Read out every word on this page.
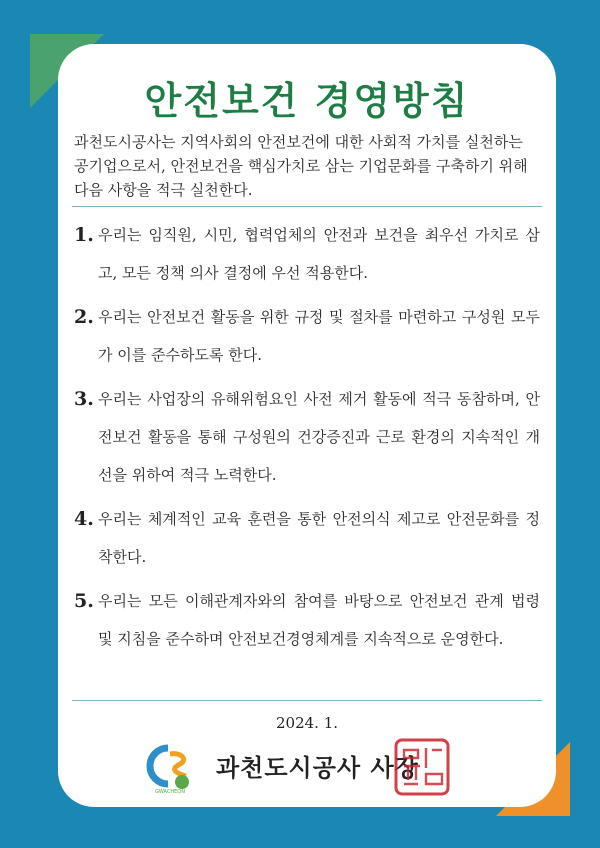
안전보건 경영방침
과천도시공사는 지역사회의 안전보건에 대한 사회적 가치를 실천하는 공기업으로서, 안전보건을 핵심가치로 삼는 기업문화를 구축하기 위해 다음 사항을 적극 실천한다.
1. 우리는 임직원, 시민, 협력업체의 안전과 보건을 최우선 가치로 삼고, 모든 정책 의사 결정에 우선 적용한다.
2. 우리는 안전보건 활동을 위한 규정 및 절차를 마련하고 구성원 모두가 이를 준수하도록 한다.
3. 우리는 사업장의 유해위험요인 사전 제거 활동에 적극 동참하며, 안전보건 활동을 통해 구성원의 건강증진과 근로 환경의 지속적인 개선을 위하여 적극 노력한다.
4. 우리는 체계적인 교육 훈련을 통한 안전의식 제고로 안전문화를 정착한다.
5. 우리는 모든 이해관계자와의 참여를 바탕으로 안전보건 관계 법령 및 지침을 준수하며 안전보건경영체계를 지속적으로 운영한다.
2024. 1.
GWACHEON
과천도시공사 사장
